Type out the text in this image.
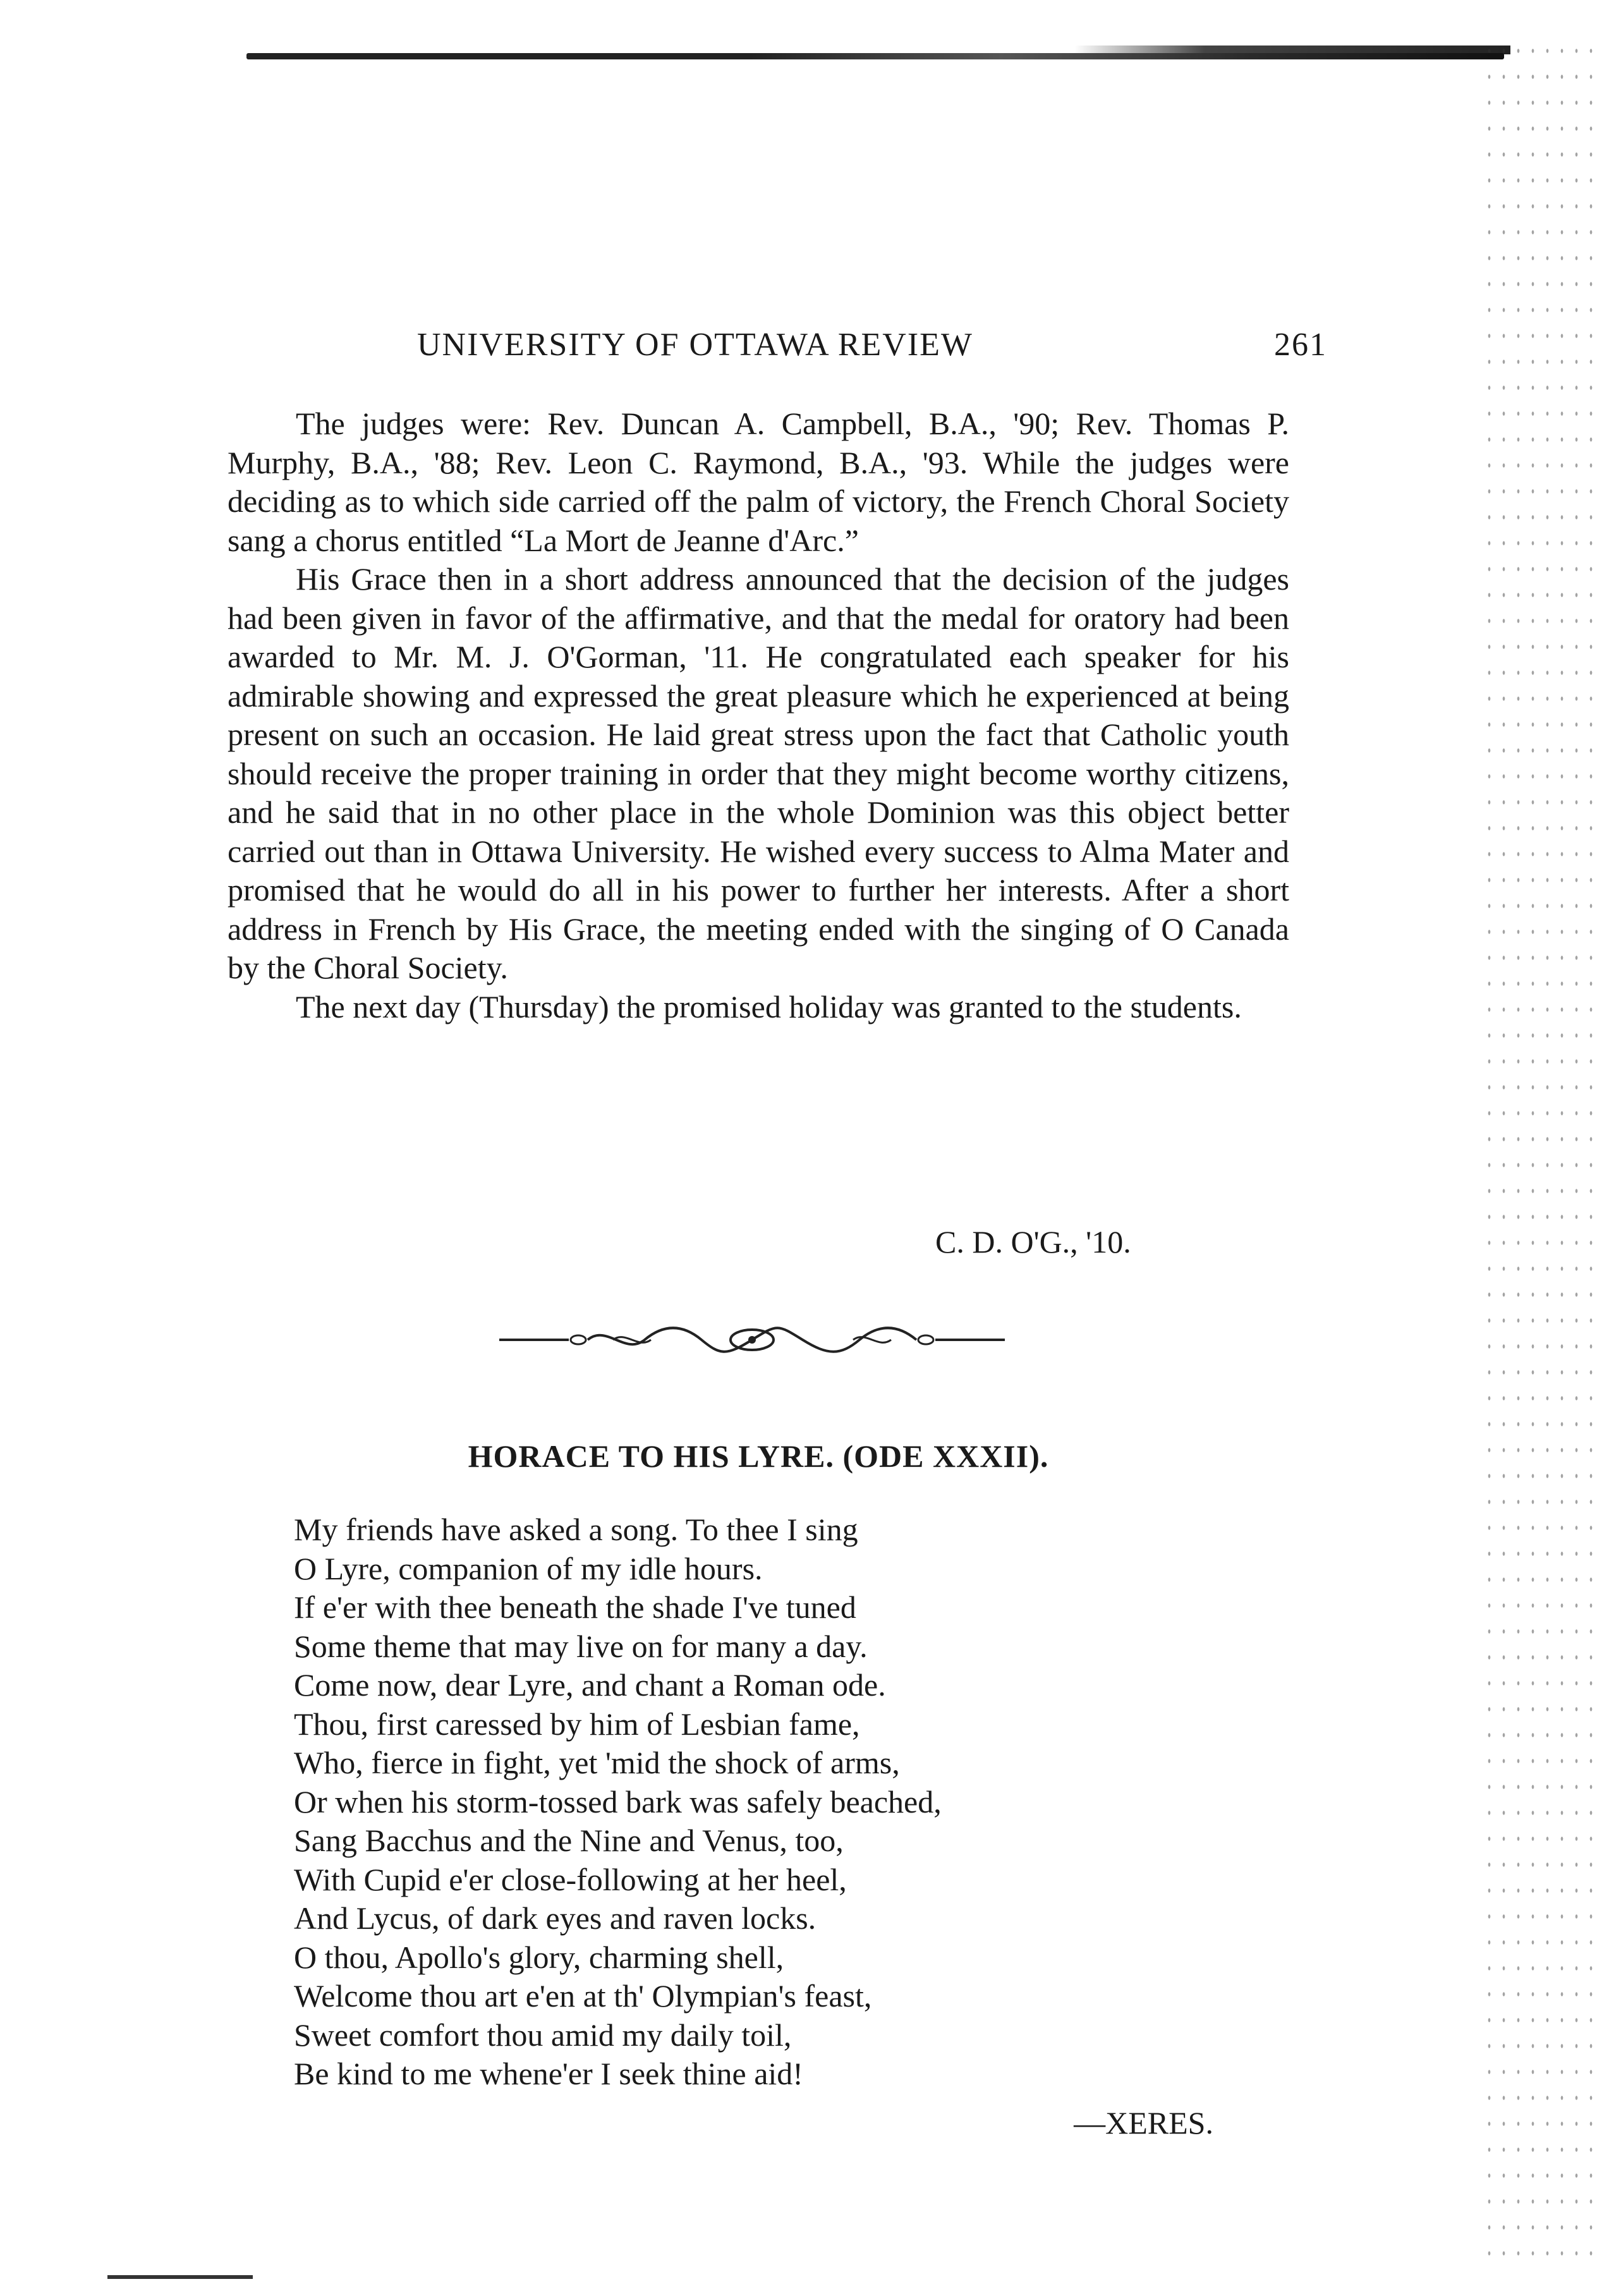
UNIVERSITY OF OTTAWA REVIEW	261

The judges were: Rev. Duncan A. Campbell, B.A., '90; Rev. Thomas P. Murphy, B.A., '88; Rev. Leon C. Raymond, B.A., '93. While the judges were deciding as to which side carried off the palm of victory, the French Choral Society sang a chorus entitled “La Mort de Jeanne d'Arc.”

His Grace then in a short address announced that the decision of the judges had been given in favor of the affirmative, and that the medal for oratory had been awarded to Mr. M. J. O'Gorman, '11. He congratulated each speaker for his admirable showing and expressed the great pleasure which he experienced at being present on such an occasion. He laid great stress upon the fact that Catholic youth should receive the proper training in order that they might become worthy citizens, and he said that in no other place in the whole Dominion was this object better carried out than in Ottawa University. He wished every success to Alma Mater and promised that he would do all in his power to further her interests. After a short address in French by His Grace, the meeting ended with the singing of O Canada by the Choral Society.

The next day (Thursday) the promised holiday was granted to the students.

C. D. O'G., '10.
HORACE TO HIS LYRE. (ODE XXXII).
My friends have asked a song. To thee I sing
O Lyre, companion of my idle hours.
If e'er with thee beneath the shade I've tuned
Some theme that may live on for many a day.
Come now, dear Lyre, and chant a Roman ode.
Thou, first caressed by him of Lesbian fame,
Who, fierce in fight, yet 'mid the shock of arms,
Or when his storm-tossed bark was safely beached,
Sang Bacchus and the Nine and Venus, too,
With Cupid e'er close-following at her heel,
And Lycus, of dark eyes and raven locks.
O thou, Apollo's glory, charming shell,
Welcome thou art e'en at th' Olympian's feast,
Sweet comfort thou amid my daily toil,
Be kind to me whene'er I seek thine aid!
—XERES.
